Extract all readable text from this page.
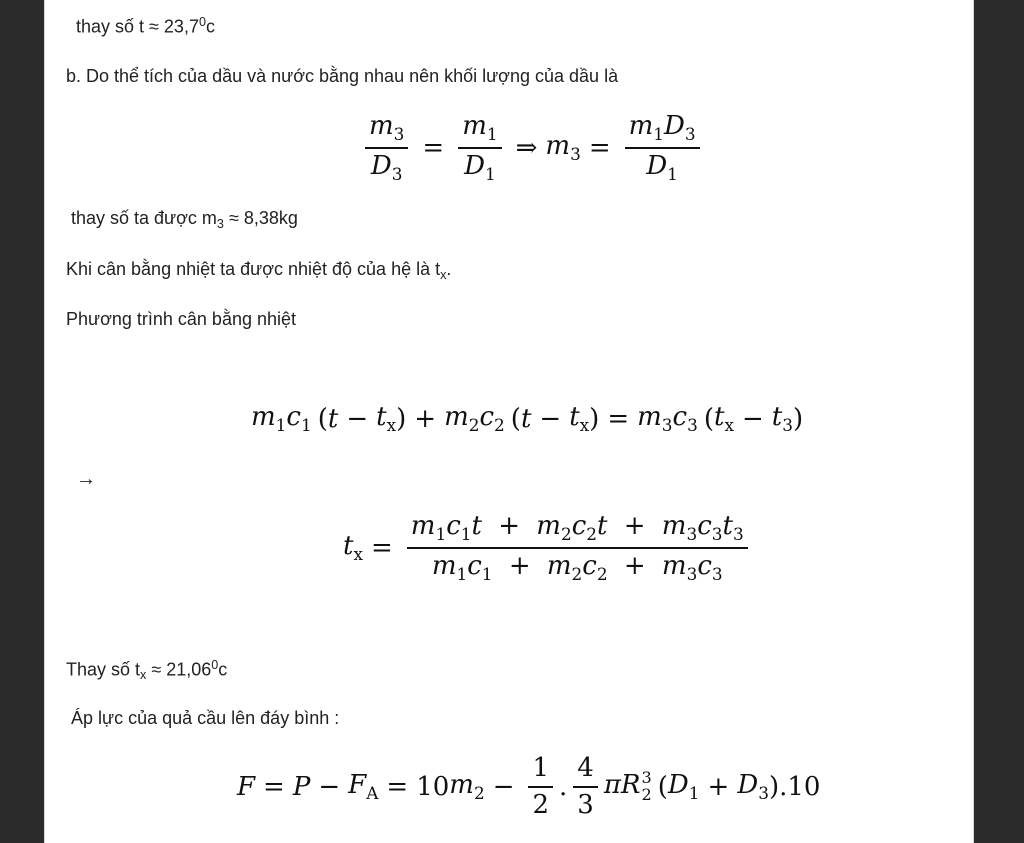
thay số $t \approx 23,7^0c$
b. Do thể tích của dầu và nước bằng nhau nên khối lượng của dầu là
$\frac{m_3}{D_3} = \frac{m_1}{D_1}$ ⇒ $m_3 = \frac{m_1D_3}{D_1}$
thay số ta được $m_3 \approx 8,38kg$
Khi cân bằng nhiệt ta được nhiệt độ của hệ là $t_x$.
Phương trình cân bằng nhiệt
$m_1c_1$ ( $t - t_x$ ) + $m_2c_2$ ( $t - t_x$ ) = $m_3c_3$ ( $t_x - t_3$ )
→
$t_x = \frac{m_1c_1t + m_2c_2t + m_3c_3t_3}{m_1c_1 + m_2c_2 + m_3c_3}$
Thay số $t_x \approx 21,06^0c$
Áp lực của quả cầu lên đáy bình :
$F = P - F_A = 10$ $m_2 - \frac{1}{2}$ . $\frac{4}{3}$ πR 3
2 ( $D_1 + D_3$ ) .10
